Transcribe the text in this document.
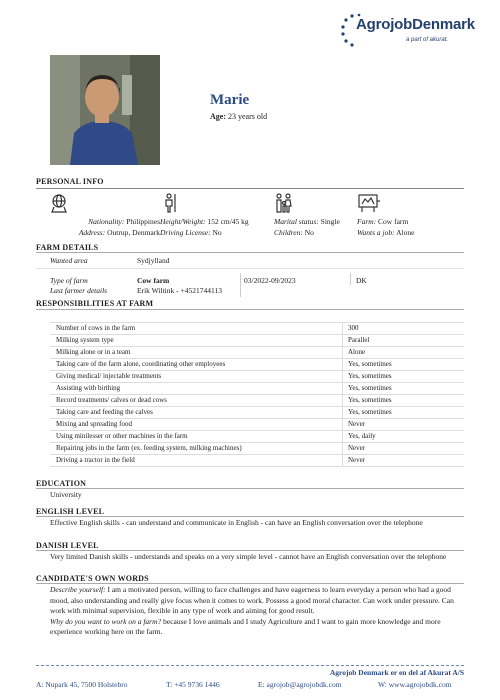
AgrojobDenmark
a part of akurat.
Marie
Age: 23 years old
PERSONAL INFO
Nationality: Philippines
Address: Outrup, Denmark
Height/Weight: 152 cm/45 kg
Driving License: No
Marital status: Single
Children: No
Farm: Cow farm
Wants a job: Alone
FARM DETAILS
Wanted area	Sydjylland
Type of farm	Cow farm	03/2022-09/2023	DK
Last farmer details	Erik Wiltink - +4521744113
RESPONSIBILITIES AT FARM
Number of cows in the farm	300
Milking system type	Parallel
Milking alone or in a team	Alone
Taking care of the farm alone, coordinating other employees	Yes, sometimes
Giving medical/ injectable treatments	Yes, sometimes
Assisting with birthing	Yes, sometimes
Record treatments/ calves or dead cows	Yes, sometimes
Taking care and feeding the calves	Yes, sometimes
Mixing and spreading food	Never
Using minilesser or other machines in the farm	Yes, daily
Repairing jobs in the farm (ex. feeding system, milking machines)	Never
Driving a tractor in the field	Never
EDUCATION
University
ENGLISH LEVEL
Effective English skills - can understand and communicate in English - can have an English conversation over the telephone
DANISH LEVEL
Very limited Danish skills - understands and speaks on a very simple level - cannot have an English conversation over the telephone
CANDIDATE'S OWN WORDS
Describe yourself: I am a motivated person, willing to face challenges and have eagerness to learn everyday a person who had a good mood, also understanding and really give focus when it comes to work. Possess a good moral character. Can work under pressure. Can work with minimal supervision, flexible in any type of work and aiming for good result.
Why do you want to work on a farm? because I love animals and I study Agriculture and I want to gain more knowledge and more experience working here on the farm.
Agrojob Denmark er en del af Akurat A/S
A: Nupark 45, 7500 Holstebro	T: +45 9736 1446	E: agrojob@agrojobdk.com	W: www.agrojobdk.com
